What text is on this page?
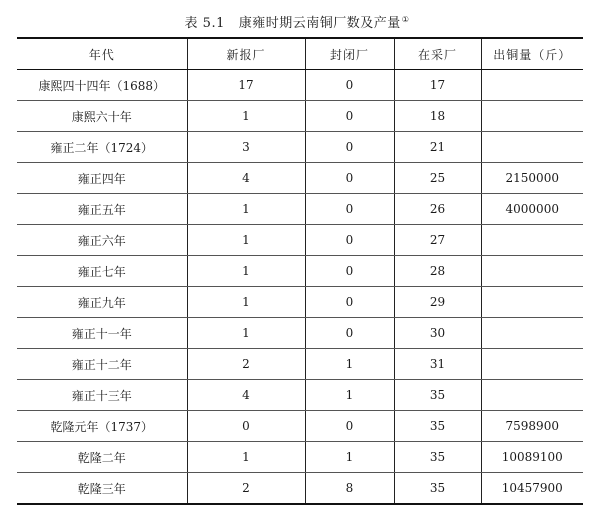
表 5.1 康雍时期云南铜厂数及产量①
年代	新报厂	封闭厂	在采厂	出铜量（斤）
康熙四十四年（1688）	17	0	17	
康熙六十年	1	0	18	
雍正二年（1724）	3	0	21	
雍正四年	4	0	25	2150000
雍正五年	1	0	26	4000000
雍正六年	1	0	27	
雍正七年	1	0	28	
雍正九年	1	0	29	
雍正十一年	1	0	30	
雍正十二年	2	1	31	
雍正十三年	4	1	35	
乾隆元年（1737）	0	0	35	7598900
乾隆二年	1	1	35	10089100
乾隆三年	2	8	35	10457900
